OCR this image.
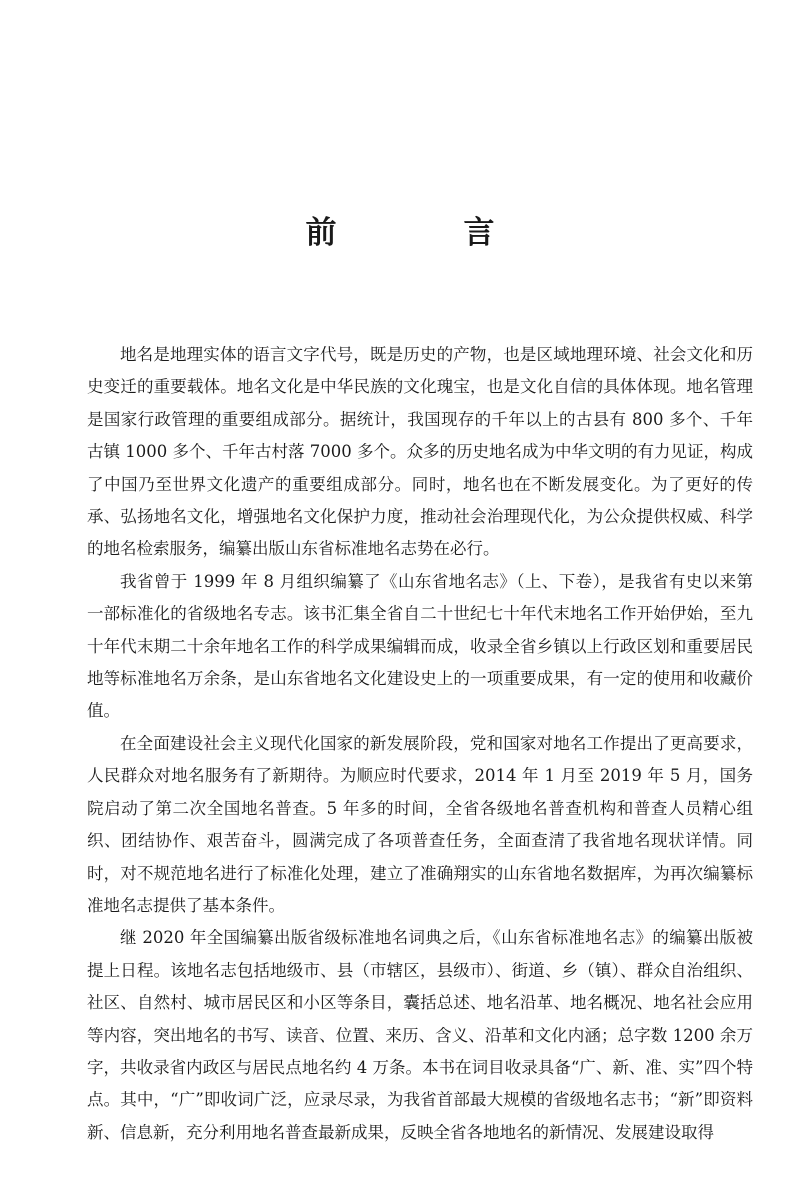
前　言

地名是地理实体的语言文字代号，既是历史的产物，也是区域地理环境、社会文化和历史变迁的重要载体。地名文化是中华民族的文化瑰宝，也是文化自信的具体体现。地名管理是国家行政管理的重要组成部分。据统计，我国现存的千年以上的古县有 800 多个、千年古镇 1000 多个、千年古村落 7000 多个。众多的历史地名成为中华文明的有力见证，构成了中国乃至世界文化遗产的重要组成部分。同时，地名也在不断发展变化。为了更好的传承、弘扬地名文化，增强地名文化保护力度，推动社会治理现代化，为公众提供权威、科学的地名检索服务，编纂出版山东省标准地名志势在必行。

我省曾于 1999 年 8 月组织编纂了《山东省地名志》（上、下卷），是我省有史以来第一部标准化的省级地名专志。该书汇集全省自二十世纪七十年代末地名工作开始伊始，至九十年代末期二十余年地名工作的科学成果编辑而成，收录全省乡镇以上行政区划和重要居民地等标准地名万余条，是山东省地名文化建设史上的一项重要成果，有一定的使用和收藏价值。

在全面建设社会主义现代化国家的新发展阶段，党和国家对地名工作提出了更高要求，人民群众对地名服务有了新期待。为顺应时代要求，2014 年 1 月至 2019 年 5 月，国务院启动了第二次全国地名普查。5 年多的时间，全省各级地名普查机构和普查人员精心组织、团结协作、艰苦奋斗，圆满完成了各项普查任务，全面查清了我省地名现状详情。同时，对不规范地名进行了标准化处理，建立了准确翔实的山东省地名数据库，为再次编纂标准地名志提供了基本条件。

继 2020 年全国编纂出版省级标准地名词典之后，《山东省标准地名志》的编纂出版被提上日程。该地名志包括地级市、县（市辖区，县级市）、街道、乡（镇）、群众自治组织、社区、自然村、城市居民区和小区等条目，囊括总述、地名沿革、地名概况、地名社会应用等内容，突出地名的书写、读音、位置、来历、含义、沿革和文化内涵；总字数 1200 余万字，共收录省内政区与居民点地名约 4 万条。本书在词目收录具备“广、新、准、实”四个特点。其中，“广”即收词广泛，应录尽录，为我省首部最大规模的省级地名志书；“新”即资料新、信息新，充分利用地名普查最新成果，反映全省各地地名的新情况、发展建设取得
